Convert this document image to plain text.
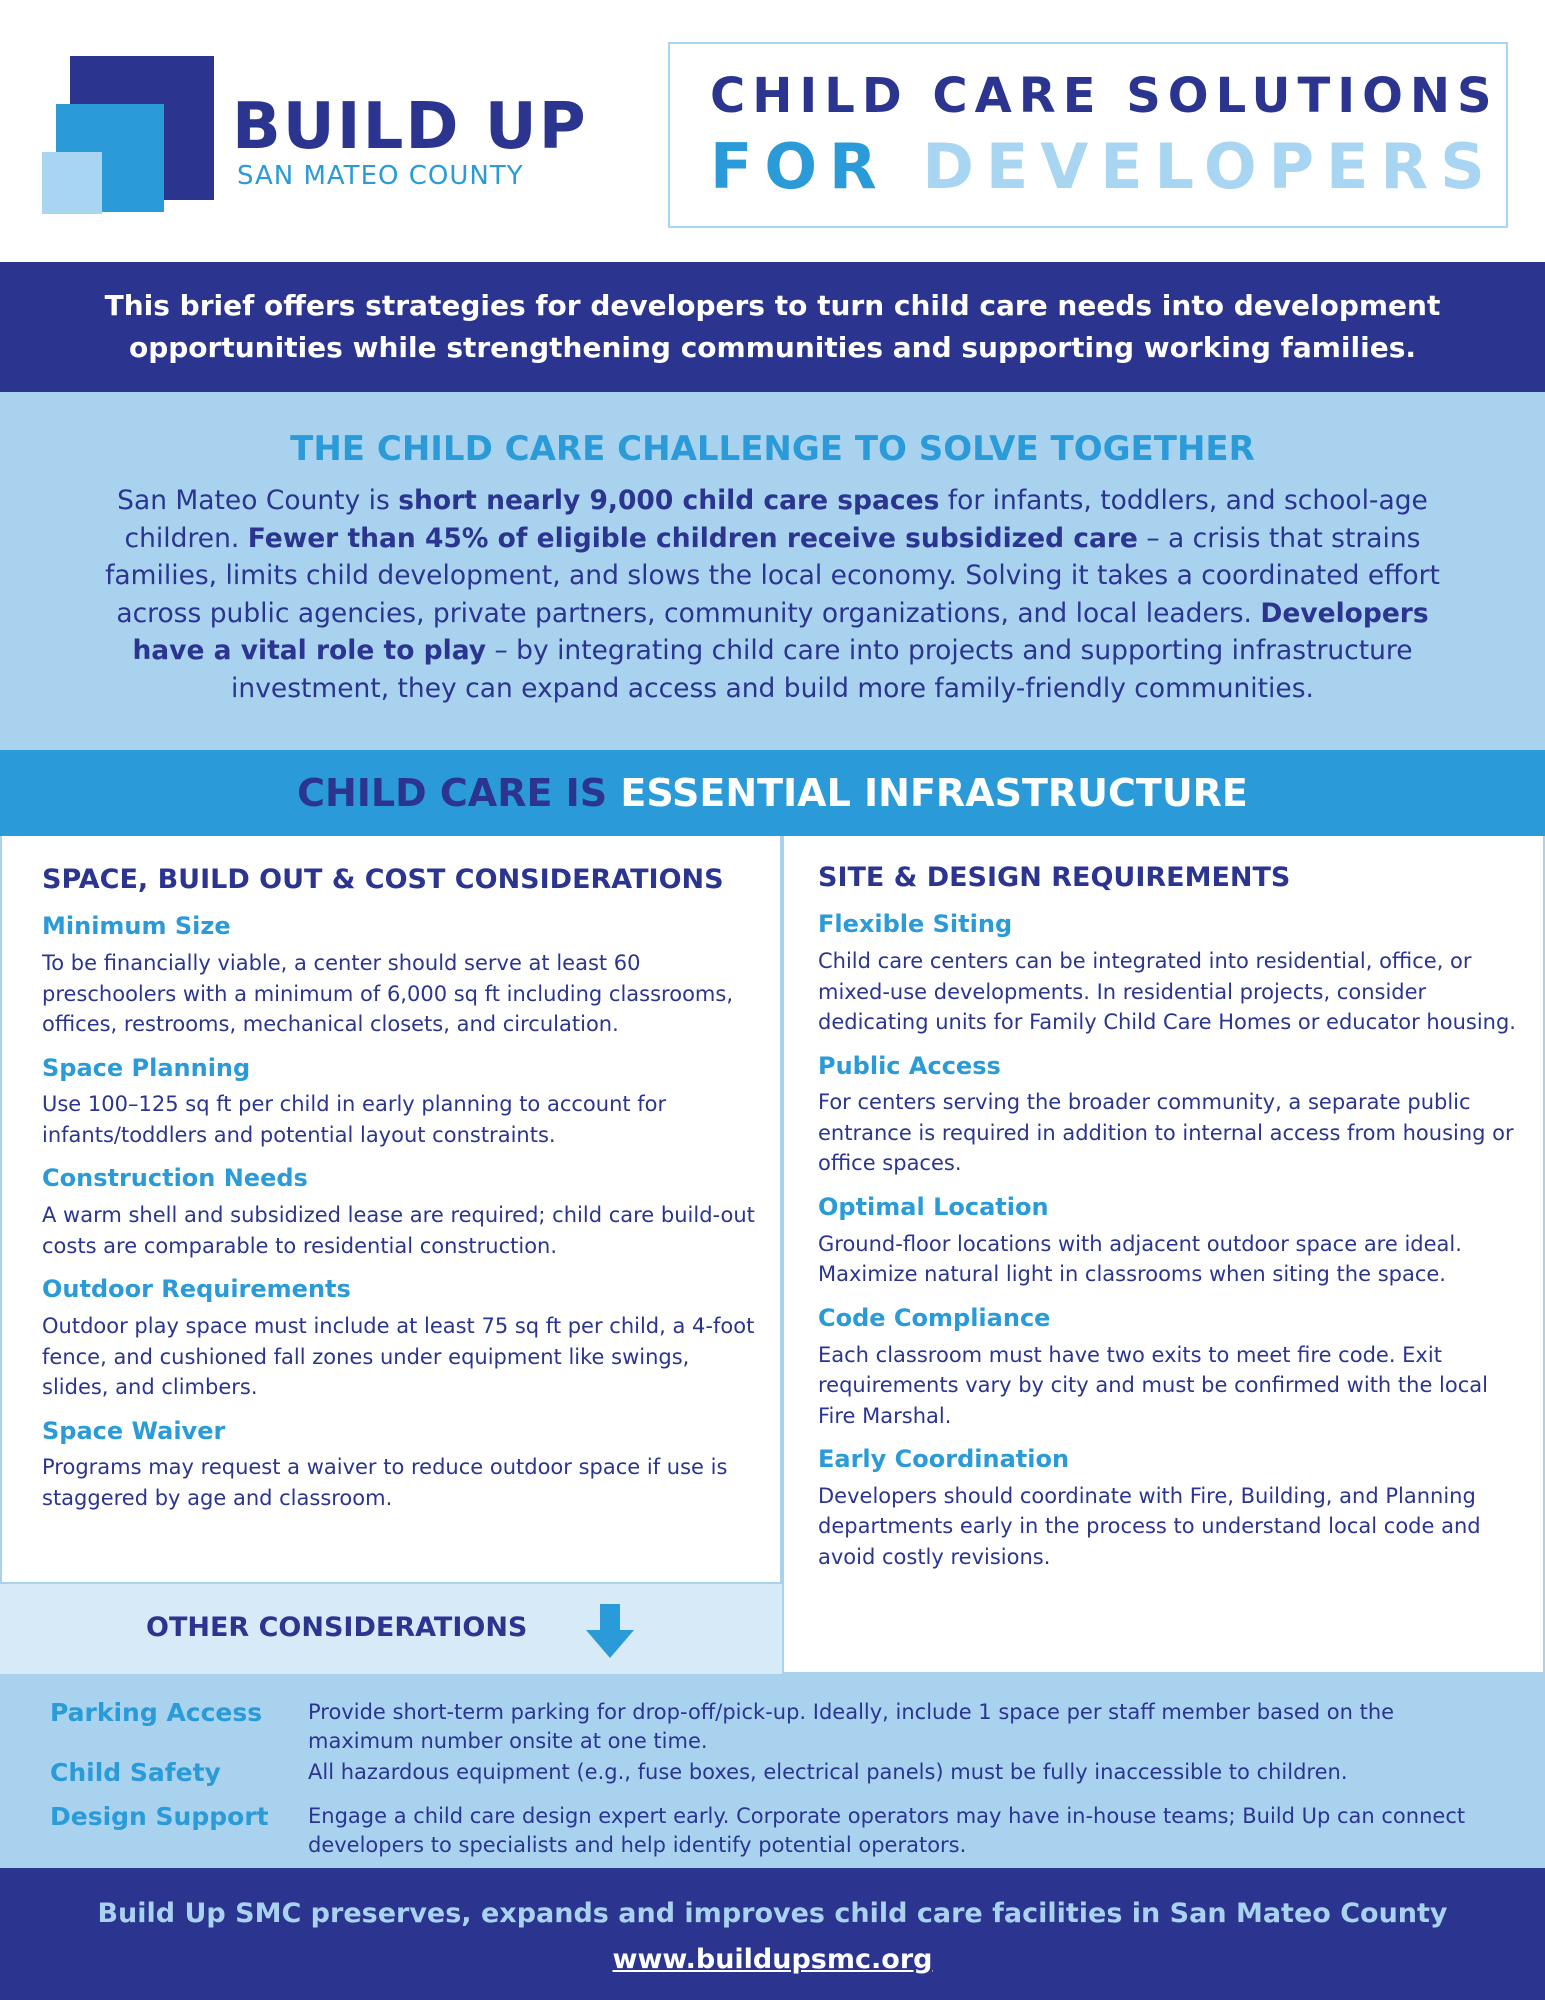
BUILD UP
SAN MATEO COUNTY
CHILD CARE SOLUTIONS
FOR DEVELOPERS

This brief offers strategies for developers to turn child care needs into development opportunities while strengthening communities and supporting working families.

THE CHILD CARE CHALLENGE TO SOLVE TOGETHER

San Mateo County is short nearly 9,000 child care spaces for infants, toddlers, and school-age children. Fewer than 45% of eligible children receive subsidized care – a crisis that strains families, limits child development, and slows the local economy. Solving it takes a coordinated effort across public agencies, private partners, community organizations, and local leaders. Developers have a vital role to play – by integrating child care into projects and supporting infrastructure investment, they can expand access and build more family-friendly communities.

CHILD CARE IS ESSENTIAL INFRASTRUCTURE
SPACE, BUILD OUT & COST CONSIDERATIONS
Minimum Size
To be financially viable, a center should serve at least 60 preschoolers with a minimum of 6,000 sq ft including classrooms, offices, restrooms, mechanical closets, and circulation.
Space Planning
Use 100–125 sq ft per child in early planning to account for infants/toddlers and potential layout constraints.
Construction Needs
A warm shell and subsidized lease are required; child care build-out costs are comparable to residential construction.
Outdoor Requirements
Outdoor play space must include at least 75 sq ft per child, a 4-foot fence, and cushioned fall zones under equipment like swings, slides, and climbers.
Space Waiver
Programs may request a waiver to reduce outdoor space if use is staggered by age and classroom.
SITE & DESIGN REQUIREMENTS
Flexible Siting
Child care centers can be integrated into residential, office, or mixed-use developments. In residential projects, consider dedicating units for Family Child Care Homes or educator housing.
Public Access
For centers serving the broader community, a separate public entrance is required in addition to internal access from housing or office spaces.
Optimal Location
Ground-floor locations with adjacent outdoor space are ideal. Maximize natural light in classrooms when siting the space.
Code Compliance
Each classroom must have two exits to meet fire code. Exit requirements vary by city and must be confirmed with the local Fire Marshal.
Early Coordination
Developers should coordinate with Fire, Building, and Planning departments early in the process to understand local code and avoid costly revisions.
OTHER CONSIDERATIONS
Parking Access Provide short-term parking for drop-off/pick-up. Ideally, include 1 space per staff member based on the maximum number onsite at one time.
Child Safety	All hazardous equipment (e.g., fuse boxes, electrical panels) must be fully inaccessible to children.
Design Support Engage a child care design expert early. Corporate operators may have in-house teams; Build Up can connect developers to specialists and help identify potential operators.
Build Up SMC preserves, expands and improves child care facilities in San Mateo County
www.buildupsmc.org
